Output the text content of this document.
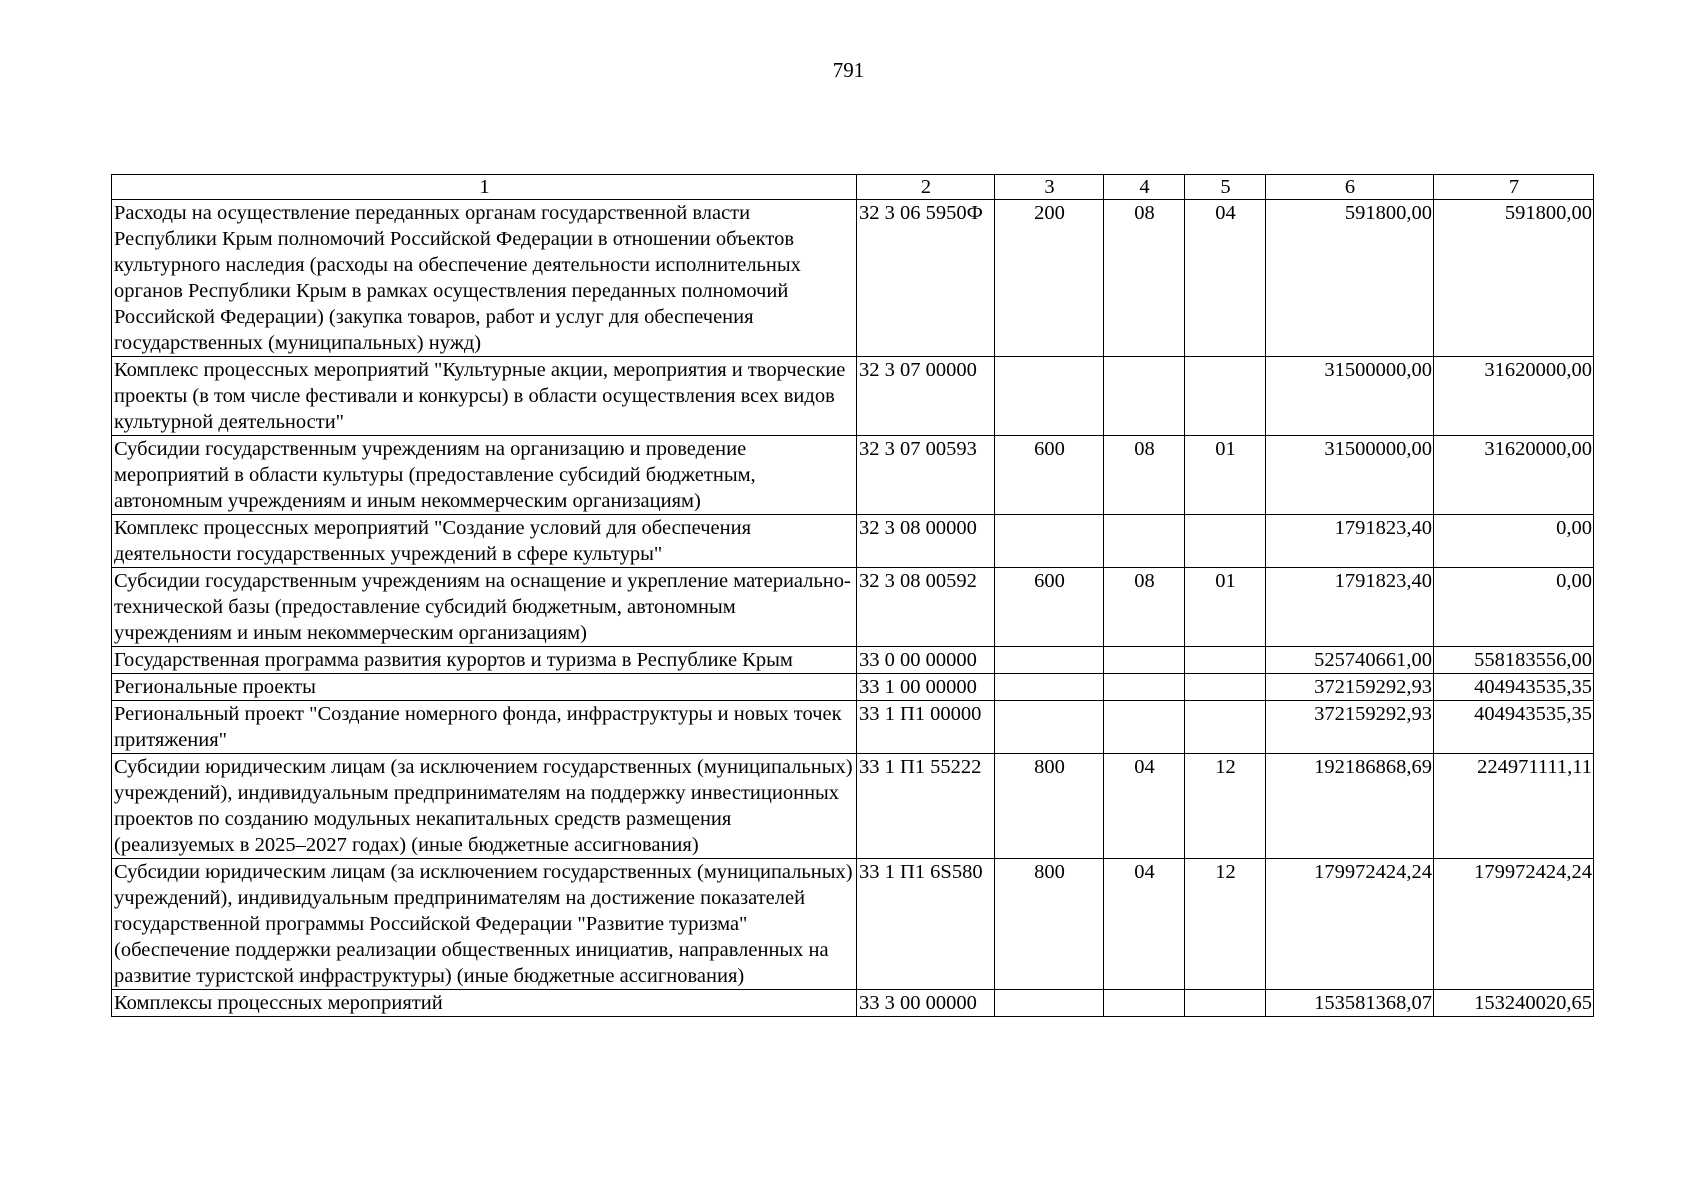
791
1	2	3	4	5	6	7
Расходы на осуществление переданных органам государственной власти Республики Крым полномочий Российской Федерации в отношении объектов культурного наследия (расходы на обеспечение деятельности исполнительных органов Республики Крым в рамках осуществления переданных полномочий Российской Федерации) (закупка товаров, работ и услуг для обеспечения государственных (муниципальных) нужд)	32 3 06 5950Ф	200	08	04	591800,00	591800,00
Комплекс процессных мероприятий "Культурные акции, мероприятия и творческие проекты (в том числе фестивали и конкурсы) в области осуществления всех видов культурной деятельности"	32 3 07 00000				31500000,00	31620000,00
Субсидии государственным учреждениям на организацию и проведение мероприятий в области культуры (предоставление субсидий бюджетным, автономным учреждениям и иным некоммерческим организациям)	32 3 07 00593	600	08	01	31500000,00	31620000,00
Комплекс процессных мероприятий "Создание условий для обеспечения деятельности государственных учреждений в сфере культуры"	32 3 08 00000				1791823,40	0,00
Субсидии государственным учреждениям на оснащение и укрепление материально-технической базы (предоставление субсидий бюджетным, автономным учреждениям и иным некоммерческим организациям)	32 3 08 00592	600	08	01	1791823,40	0,00
Государственная программа развития курортов и туризма в Республике Крым	33 0 00 00000				525740661,00	558183556,00
Региональные проекты	33 1 00 00000				372159292,93	404943535,35
Региональный проект "Создание номерного фонда, инфраструктуры и новых точек притяжения"	33 1 П1 00000				372159292,93	404943535,35
Субсидии юридическим лицам (за исключением государственных (муниципальных) учреждений), индивидуальным предпринимателям на поддержку инвестиционных проектов по созданию модульных некапитальных средств размещения (реализуемых в 2025–2027 годах) (иные бюджетные ассигнования)	33 1 П1 55222	800	04	12	192186868,69	224971111,11
Субсидии юридическим лицам (за исключением государственных (муниципальных) учреждений), индивидуальным предпринимателям на достижение показателей государственной программы Российской Федерации "Развитие туризма" (обеспечение поддержки реализации общественных инициатив, направленных на развитие туристской инфраструктуры) (иные бюджетные ассигнования)	33 1 П1 6S580	800	04	12	179972424,24	179972424,24
Комплексы процессных мероприятий	33 3 00 00000				153581368,07	153240020,65
